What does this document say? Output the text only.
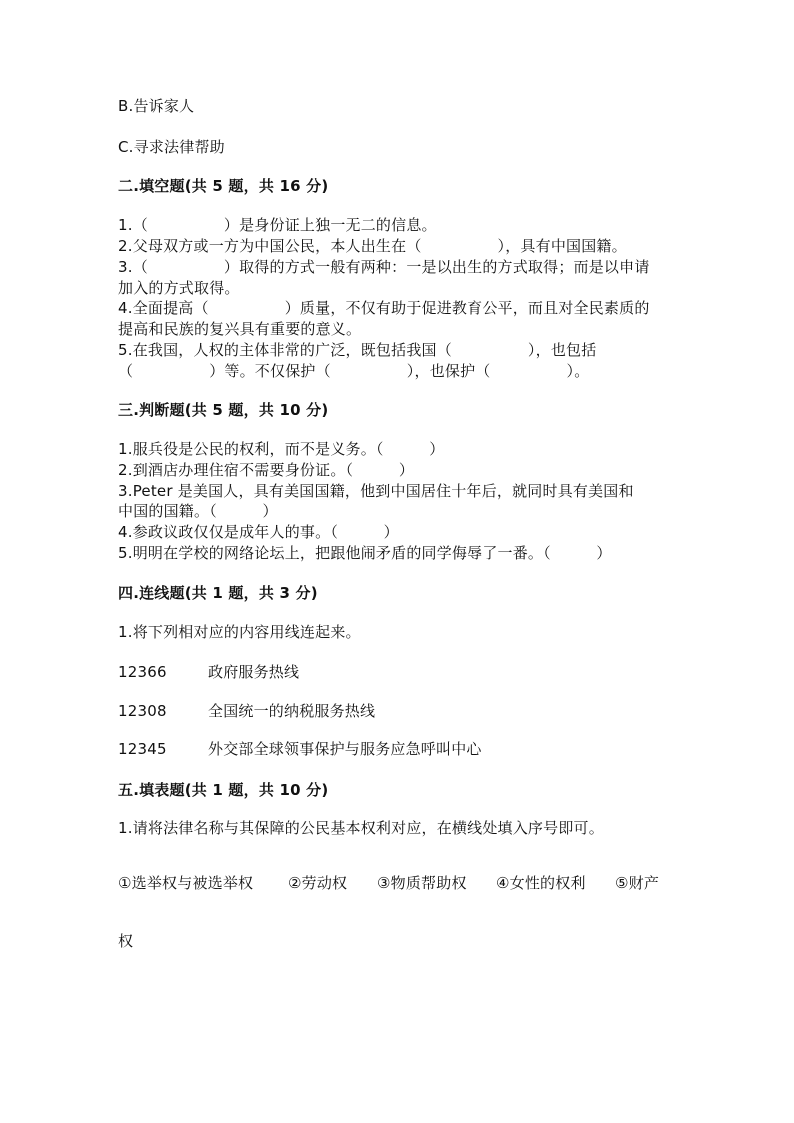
B.告诉家人
C.寻求法律帮助
二.填空题(共 5 题，共 16 分)
1.（　　　　　）是身份证上独一无二的信息。
2.父母双方或一方为中国公民，本人出生在（　　　　　），具有中国国籍。
3.（　　　　　）取得的方式一般有两种：一是以出生的方式取得；而是以申请
加入的方式取得。
4.全面提高（　　　　　）质量，不仅有助于促进教育公平，而且对全民素质的
提高和民族的复兴具有重要的意义。
5.在我国，人权的主体非常的广泛，既包括我国（　　　　　），也包括
（　　　　　）等。不仅保护（　　　　　），也保护（　　　　　）。
三.判断题(共 5 题，共 10 分)
1.服兵役是公民的权利，而不是义务。（　　　）
2.到酒店办理住宿不需要身份证。（　　　）
3.Peter 是美国人，具有美国国籍，他到中国居住十年后，就同时具有美国和
中国的国籍。（　　　）
4.参政议政仅仅是成年人的事。（　　　）
5.明明在学校的网络论坛上，把跟他闹矛盾的同学侮辱了一番。（　　　）
四.连线题(共 1 题，共 3 分)
1.将下列相对应的内容用线连起来。
12366	政府服务热线
12308	全国统一的纳税服务热线
12345	外交部全球领事保护与服务应急呼叫中心
五.填表题(共 1 题，共 10 分)
1.请将法律名称与其保障的公民基本权利对应，在横线处填入序号即可。
①选举权与被选举权 ②劳动权 ③物质帮助权 ④女性的权利 ⑤财产
权
